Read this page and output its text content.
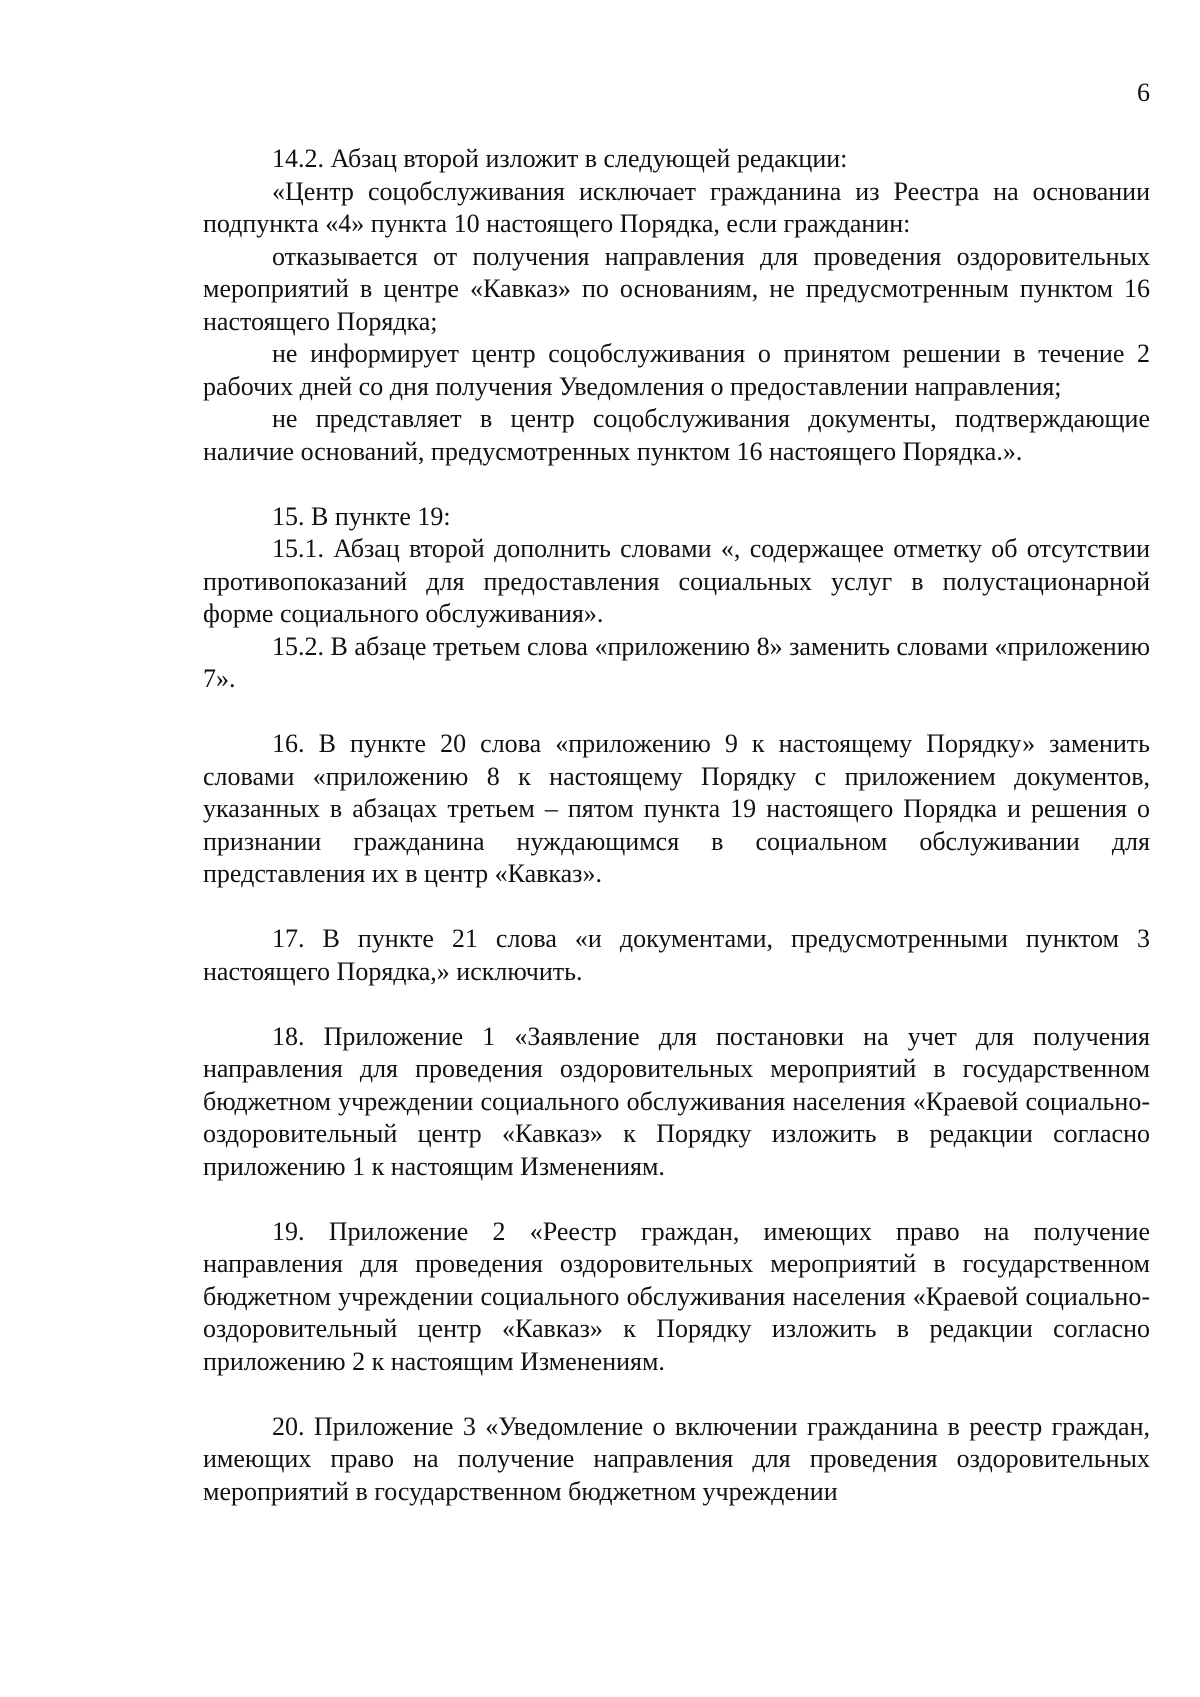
6

14.2. Абзац второй изложит в следующей редакции:

«Центр соцобслуживания исключает гражданина из Реестра на основании подпункта «4» пункта 10 настоящего Порядка, если гражданин:

отказывается от получения направления для проведения оздоровительных мероприятий в центре «Кавказ» по основаниям, не предусмотренным пунктом 16 настоящего Порядка;

не информирует центр соцобслуживания о принятом решении в течение 2 рабочих дней со дня получения Уведомления о предоставлении направления;

не представляет в центр соцобслуживания документы, подтверждающие наличие оснований, предусмотренных пунктом 16 настоящего Порядка.».

15. В пункте 19:

15.1. Абзац второй дополнить словами «, содержащее отметку об отсутствии противопоказаний для предоставления социальных услуг в полустационарной форме социального обслуживания».

15.2. В абзаце третьем слова «приложению 8» заменить словами «приложению 7».

16. В пункте 20 слова «приложению 9 к настоящему Порядку» заменить словами «приложению 8 к настоящему Порядку с приложением документов, указанных в абзацах третьем – пятом пункта 19 настоящего Порядка и решения о признании гражданина нуждающимся в социальном обслуживании для представления их в центр «Кавказ».

17. В пункте 21 слова «и документами, предусмотренными пунктом 3 настоящего Порядка,» исключить.

18. Приложение 1 «Заявление для постановки на учет для получения направления для проведения оздоровительных мероприятий в государственном бюджетном учреждении социального обслуживания населения «Краевой социально-оздоровительный центр «Кавказ» к Порядку изложить в редакции согласно приложению 1 к настоящим Изменениям.

19. Приложение 2 «Реестр граждан, имеющих право на получение направления для проведения оздоровительных мероприятий в государственном бюджетном учреждении социального обслуживания населения «Краевой социально-оздоровительный центр «Кавказ» к Порядку изложить в редакции согласно приложению 2 к настоящим Изменениям.

20. Приложение 3 «Уведомление о включении гражданина в реестр граждан, имеющих право на получение направления для проведения оздоровительных мероприятий в государственном бюджетном учреждении
